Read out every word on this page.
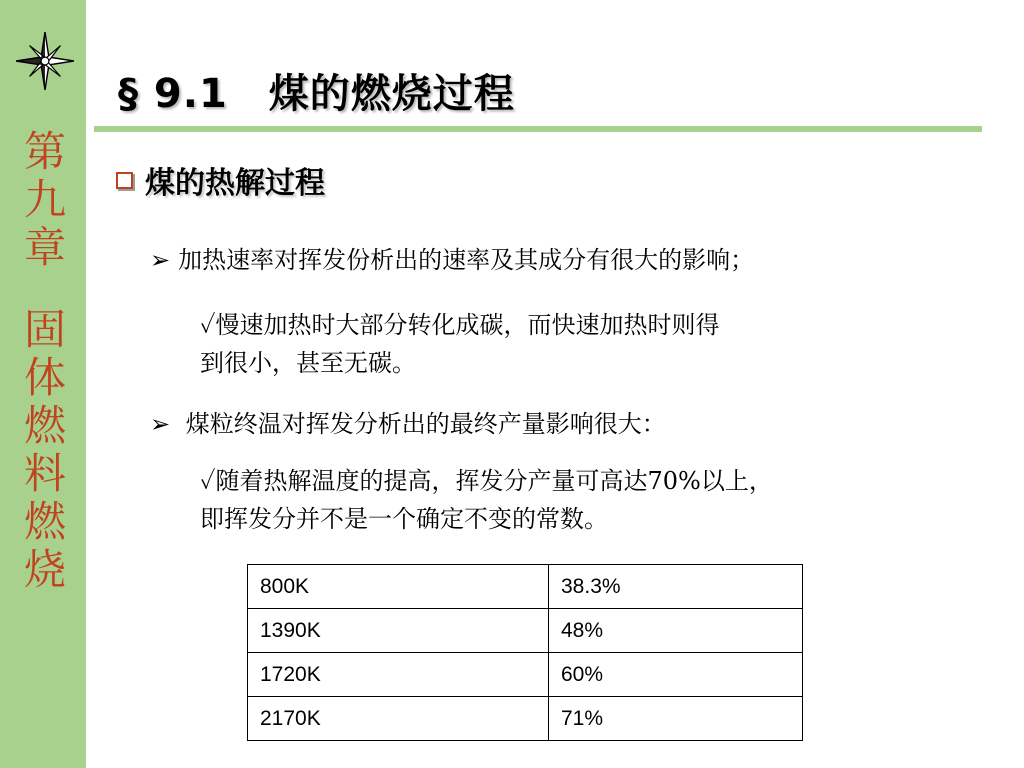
第
九
章
固
体
燃
料
燃
烧
§ 9.1　煤的燃烧过程
煤的热解过程
➢ 加热速率对挥发份析出的速率及其成分有很大的影响；
✓慢速加热时大部分转化成碳，而快速加热时则得
到很小，甚至无碳。
➢ 煤粒终温对挥发分析出的最终产量影响很大：
✓随着热解温度的提高，挥发分产量可高达70%以上，
即挥发分并不是一个确定不变的常数。
800K	38.3%
1390K	48%
1720K	60%
2170K	71%
